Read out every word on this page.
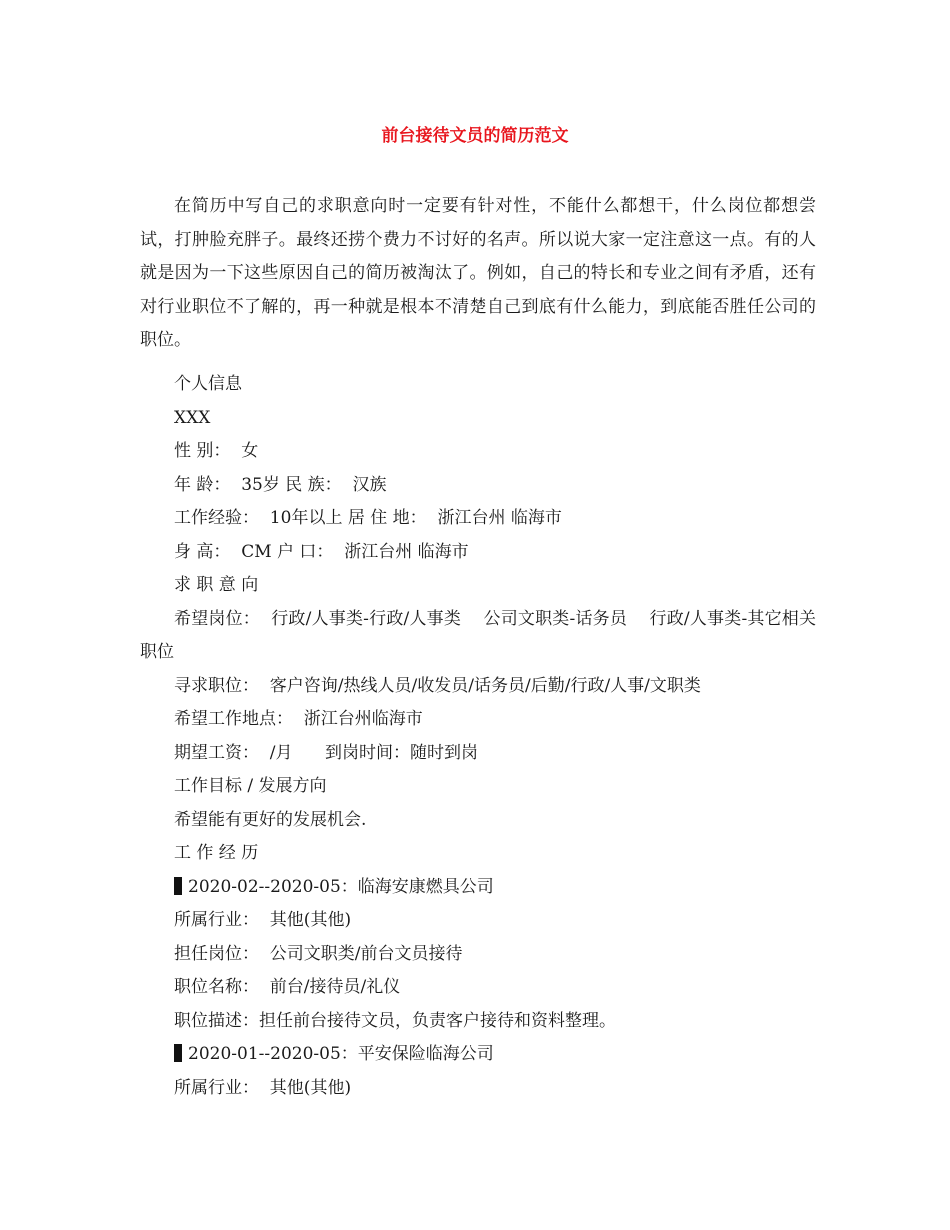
前台接待文员的简历范文

在简历中写自己的求职意向时一定要有针对性，不能什么都想干，什么岗位都想尝试，打肿脸充胖子。最终还捞个费力不讨好的名声。所以说大家一定注意这一点。有的人就是因为一下这些原因自己的简历被淘汰了。例如，自己的特长和专业之间有矛盾，还有对行业职位不了解的，再一种就是根本不清楚自己到底有什么能力，到底能否胜任公司的职位。

个人信息
XXX
性 别：  女
年 龄：  35岁 民 族：  汉族
工作经验：  10年以上 居 住 地：  浙江台州 临海市
身 高：  CM 户 口：  浙江台州 临海市
求 职 意 向
希望岗位：  行政/人事类-行政/人事类    公司文职类-话务员    行政/人事类-其它相关职位
寻求职位：  客户咨询/热线人员/收发员/话务员/后勤/行政/人事/文职类
希望工作地点：  浙江台州临海市
期望工资：  /月      到岗时间：随时到岗
工作目标 / 发展方向
希望能有更好的发展机会.
工 作 经 历
2020-02--2020-05：临海安康燃具公司
所属行业：  其他(其他)
担任岗位：  公司文职类/前台文员接待
职位名称：  前台/接待员/礼仪
职位描述：担任前台接待文员，负责客户接待和资料整理。
2020-01--2020-05：平安保险临海公司
所属行业：  其他(其他)
